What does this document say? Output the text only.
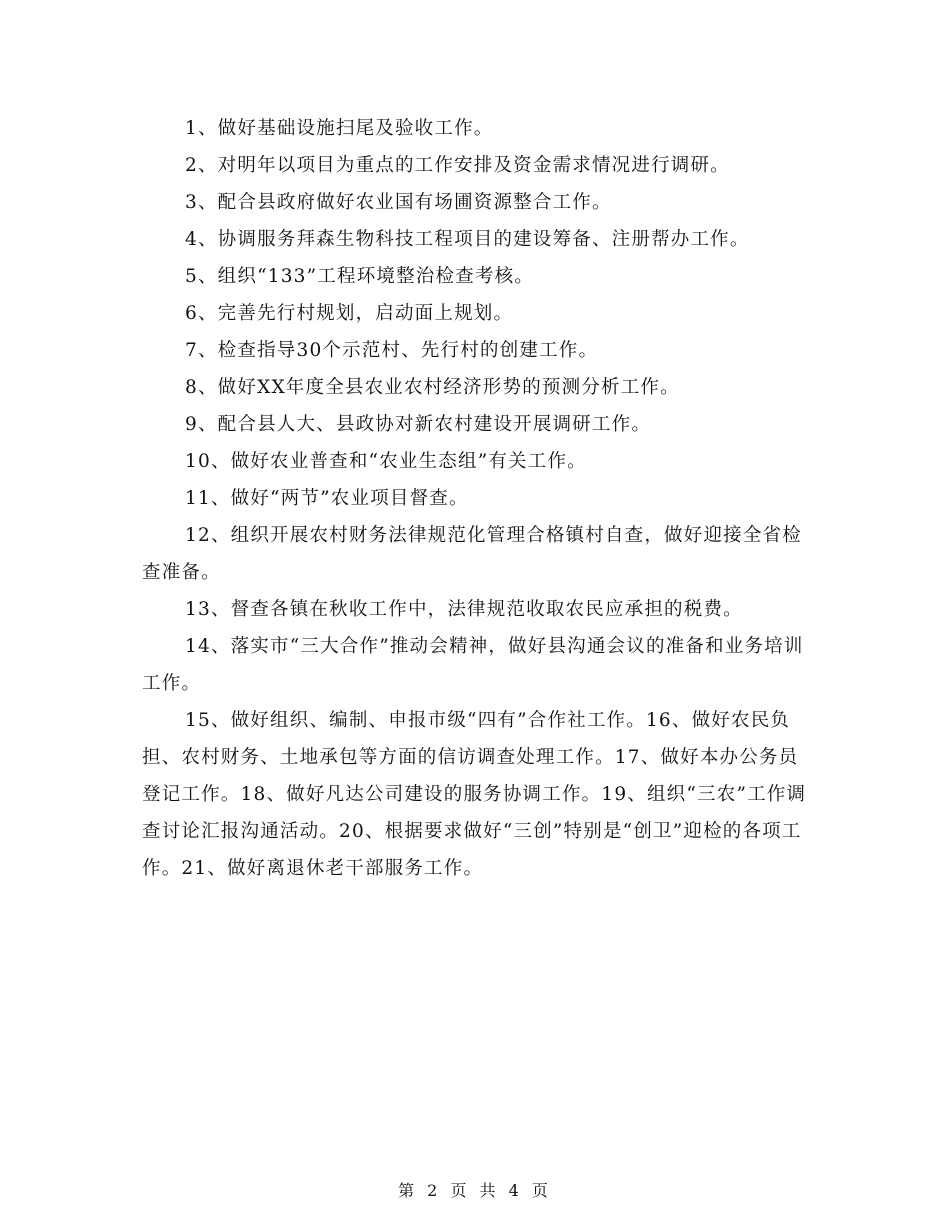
1、做好基础设施扫尾及验收工作。

2、对明年以项目为重点的工作安排及资金需求情况进行调研。

3、配合县政府做好农业国有场圃资源整合工作。

4、协调服务拜森生物科技工程项目的建设筹备、注册帮办工作。

5、组织“133”工程环境整治检查考核。

6、完善先行村规划，启动面上规划。

7、检查指导30个示范村、先行村的创建工作。

8、做好XX年度全县农业农村经济形势的预测分析工作。

9、配合县人大、县政协对新农村建设开展调研工作。

10、做好农业普查和“农业生态组”有关工作。

11、做好“两节”农业项目督查。

12、组织开展农村财务法律规范化管理合格镇村自查，做好迎接全省检查准备。

13、督查各镇在秋收工作中，法律规范收取农民应承担的税费。

14、落实市“三大合作”推动会精神，做好县沟通会议的准备和业务培训工作。

15、做好组织、编制、申报市级“四有”合作社工作。16、做好农民负担、农村财务、土地承包等方面的信访调查处理工作。17、做好本办公务员登记工作。18、做好凡达公司建设的服务协调工作。19、组织“三农”工作调查讨论汇报沟通活动。20、根据要求做好“三创”特别是“创卫”迎检的各项工作。21、做好离退休老干部服务工作。

第 2 页 共 4 页
